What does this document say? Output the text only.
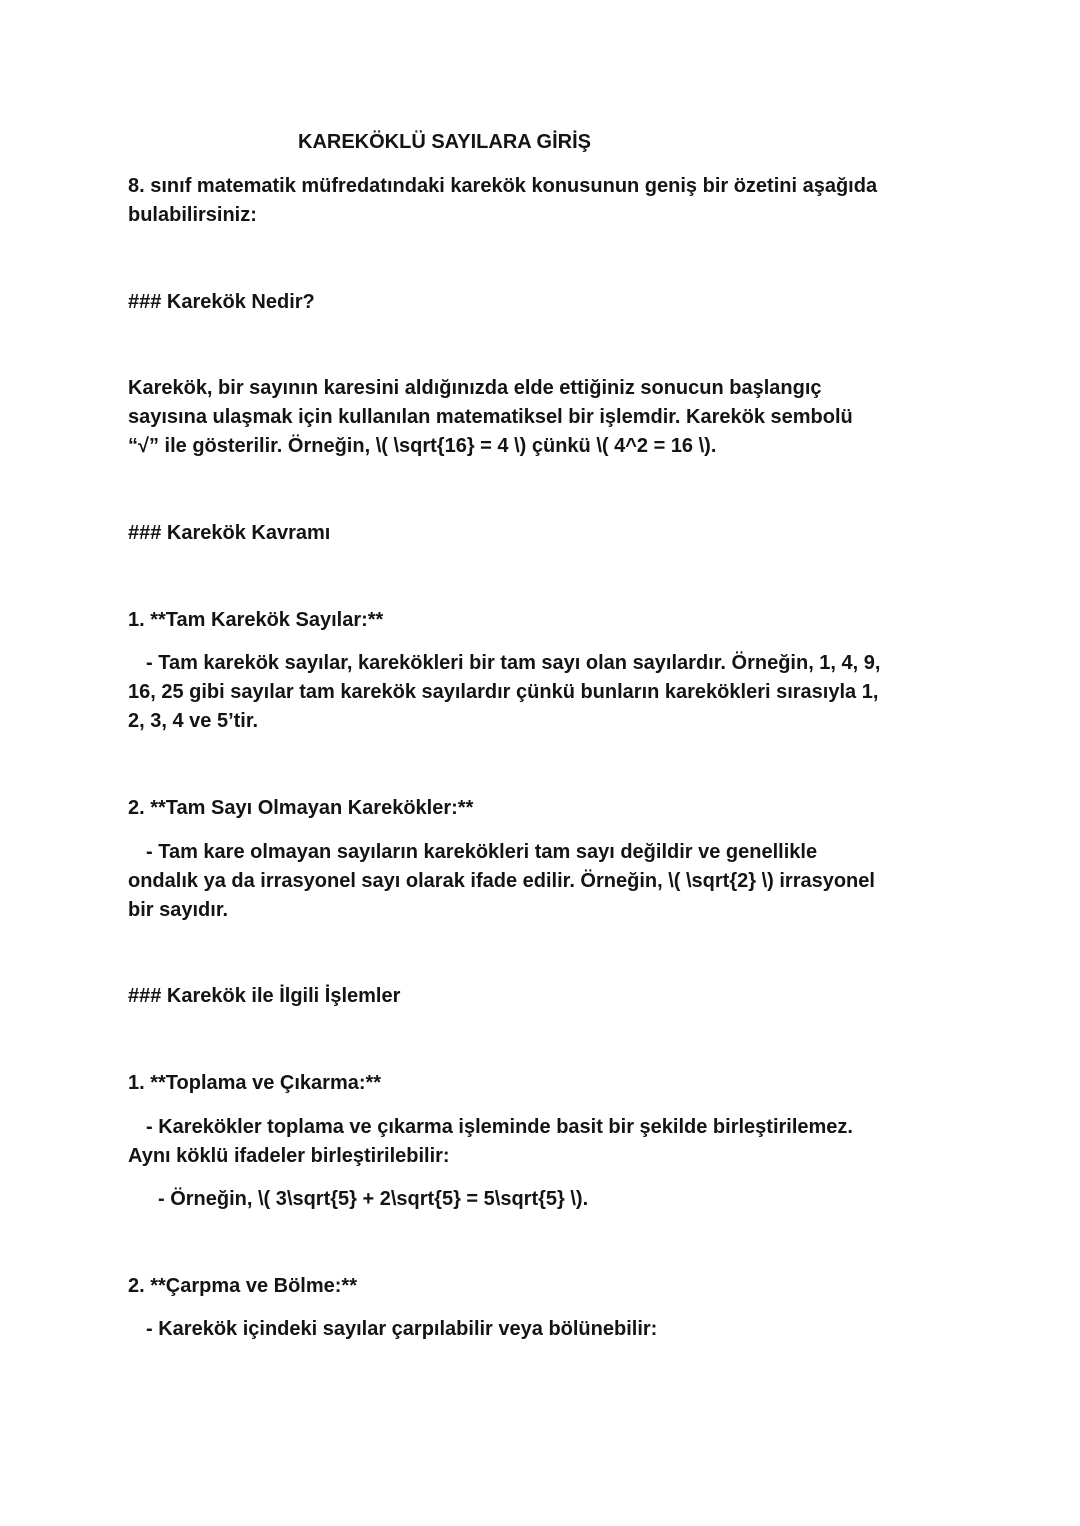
KAREKÖKLÜ SAYILARA GİRİŞ
8. sınıf matematik müfredatındaki karekök konusunun geniş bir özetini aşağıda
bulabilirsiniz:
### Karekök Nedir?
Karekök, bir sayının karesini aldığınızda elde ettiğiniz sonucun başlangıç
sayısına ulaşmak için kullanılan matematiksel bir işlemdir. Karekök sembolü
“√” ile gösterilir. Örneğin, \( \sqrt{16} = 4 \) çünkü \( 4^2 = 16 \).
### Karekök Kavramı
1. **Tam Karekök Sayılar:**
- Tam karekök sayılar, karekökleri bir tam sayı olan sayılardır. Örneğin, 1, 4, 9,
16, 25 gibi sayılar tam karekök sayılardır çünkü bunların karekökleri sırasıyla 1,
2, 3, 4 ve 5’tir.
2. **Tam Sayı Olmayan Karekökler:**
- Tam kare olmayan sayıların karekökleri tam sayı değildir ve genellikle
ondalık ya da irrasyonel sayı olarak ifade edilir. Örneğin, \( \sqrt{2} \) irrasyonel
bir sayıdır.
### Karekök ile İlgili İşlemler
1. **Toplama ve Çıkarma:**
- Karekökler toplama ve çıkarma işleminde basit bir şekilde birleştirilemez.
Aynı köklü ifadeler birleştirilebilir:
- Örneğin, \( 3\sqrt{5} + 2\sqrt{5} = 5\sqrt{5} \).
2. **Çarpma ve Bölme:**
- Karekök içindeki sayılar çarpılabilir veya bölünebilir:
